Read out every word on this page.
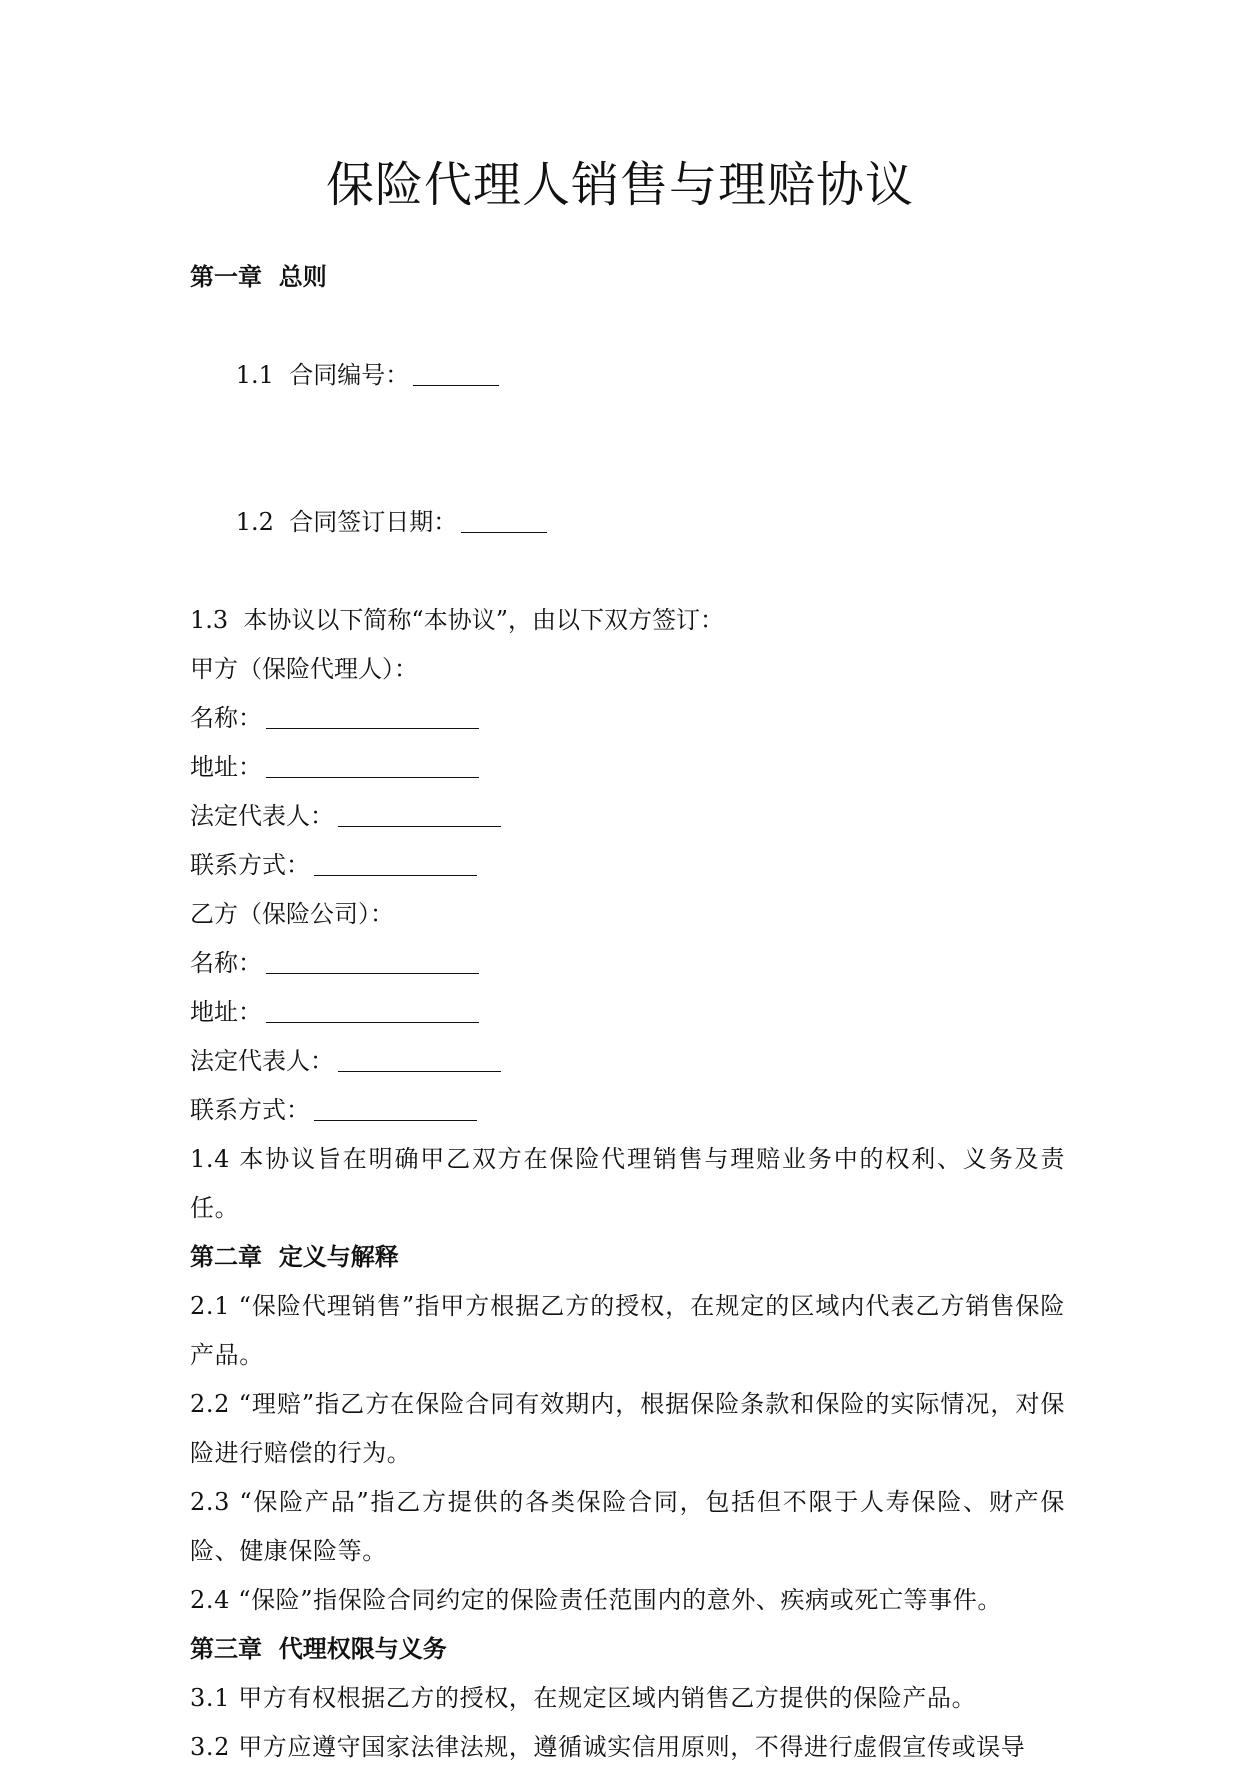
保险代理人销售与理赔协议
第一章  总则

1.1 合同编号：

1.2 合同签订日期：

1.3  本协议以下简称“本协议”，由以下双方签订：
甲方（保险代理人）：
名称：
地址：
法定代表人：
联系方式：
乙方（保险公司）：
名称：
地址：
法定代表人：
联系方式：

1.4 本协议旨在明确甲乙双方在保险代理销售与理赔业务中的权利、义务及责任。

第二章  定义与解释

2.1 “保险代理销售”指甲方根据乙方的授权，在规定的区域内代表乙方销售保险产品。

2.2 “理赔”指乙方在保险合同有效期内，根据保险条款和保险的实际情况，对保险进行赔偿的行为。

2.3 “保险产品”指乙方提供的各类保险合同，包括但不限于人寿保险、财产保险、健康保险等。

2.4 “保险”指保险合同约定的保险责任范围内的意外、疾病或死亡等事件。

第三章  代理权限与义务

3.1 甲方有权根据乙方的授权，在规定区域内销售乙方提供的保险产品。

3.2 甲方应遵守国家法律法规，遵循诚实信用原则，不得进行虚假宣传或误导
